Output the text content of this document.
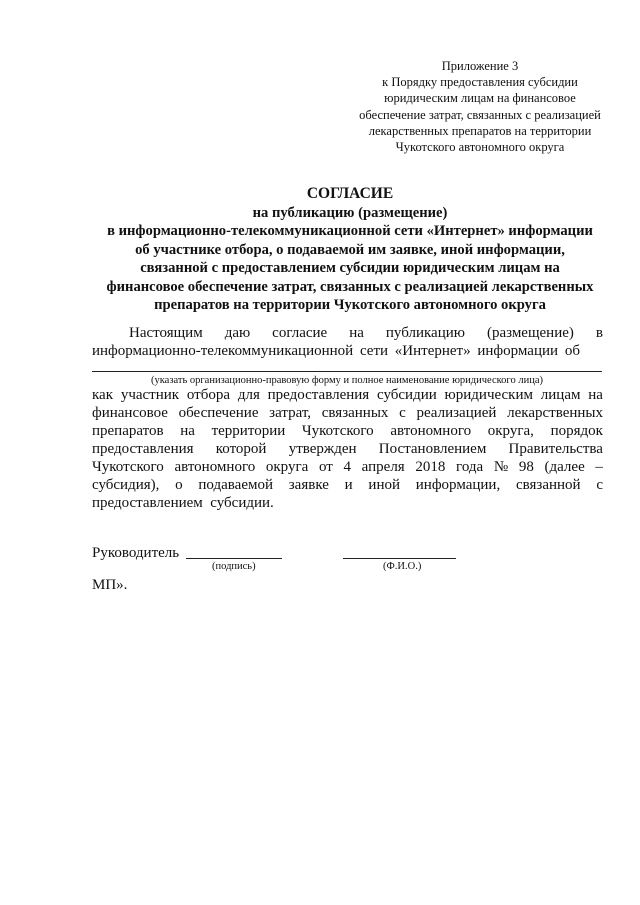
Приложение 3
к Порядку предоставления субсидии
юридическим лицам на финансовое
обеспечение затрат, связанных с реализацией
лекарственных препаратов на территории
Чукотского автономного округа
СОГЛАСИЕ
на публикацию (размещение)
в информационно-телекоммуникационной сети «Интернет» информации
об участнике отбора, о подаваемой им заявке, иной информации,
связанной с предоставлением субсидии юридическим лицам на
финансовое обеспечение затрат, связанных с реализацией лекарственных
препаратов на территории Чукотского автономного округа
Настоящим даю согласие на публикацию (размещение) в
информационно-телекоммуникационной сети «Интернет» информации об
(указать организационно-правовую форму и полное наименование юридического лица)
как участник отбора для предоставления субсидии юридическим лицам на
финансовое обеспечение затрат, связанных с реализацией лекарственных
препаратов на территории Чукотского автономного округа, порядок
предоставления которой утвержден Постановлением Правительства
Чукотского автономного округа от 4 апреля 2018 года № 98 (далее –
субсидия), о подаваемой заявке и иной информации, связанной с
предоставлением  субсидии.
Руководитель
(подпись)	(Ф.И.О.)
МП».
